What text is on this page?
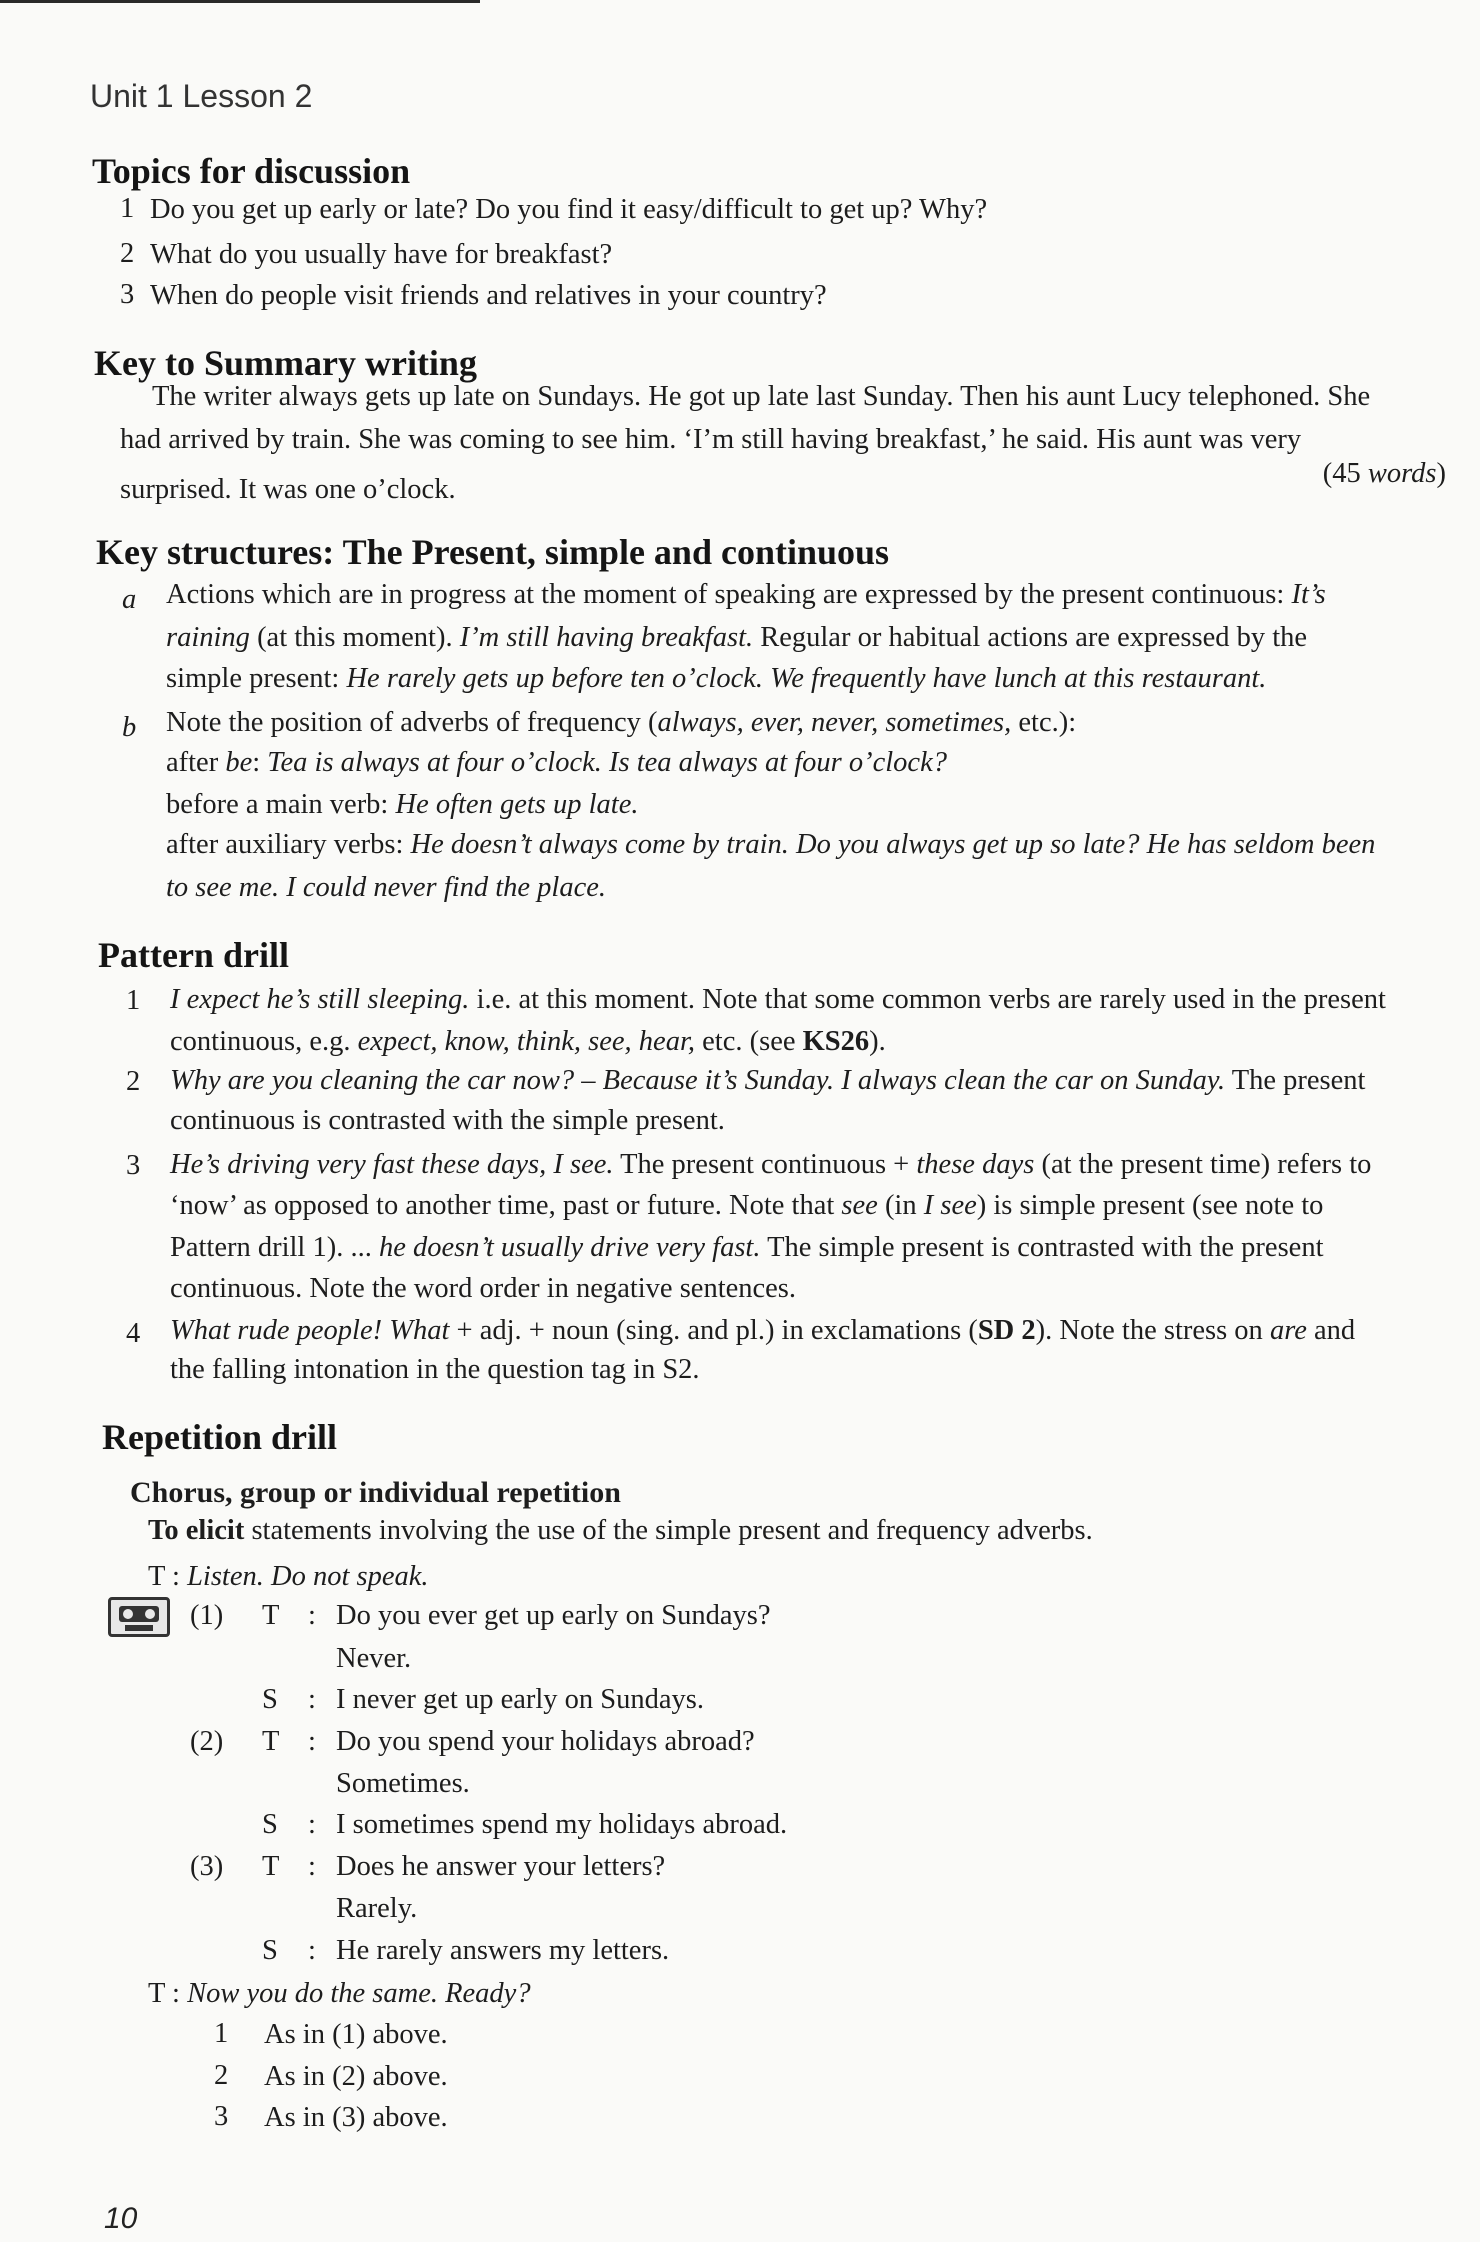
Unit 1 Lesson 2
Topics for discussion
1 Do you get up early or late? Do you find it easy/difficult to get up? Why?
2 What do you usually have for breakfast?
3 When do people visit friends and relatives in your country?
Key to Summary writing
The writer always gets up late on Sundays. He got up late last Sunday. Then his aunt Lucy telephoned. She
had arrived by train. She was coming to see him. ‘I’m still having breakfast,’ he said. His aunt was very
surprised. It was one o’clock.
(45 words)
Key structures: The Present, simple and continuous
a Actions which are in progress at the moment of speaking are expressed by the present continuous: It’s
raining (at this moment). I’m still having breakfast. Regular or habitual actions are expressed by the
simple present: He rarely gets up before ten o’clock. We frequently have lunch at this restaurant.
b Note the position of adverbs of frequency (always, ever, never, sometimes, etc.):
after be: Tea is always at four o’clock. Is tea always at four o’clock?
before a main verb: He often gets up late.
after auxiliary verbs: He doesn’t always come by train. Do you always get up so late? He has seldom been
to see me. I could never find the place.
Pattern drill
1 I expect he’s still sleeping. i.e. at this moment. Note that some common verbs are rarely used in the present
continuous, e.g. expect, know, think, see, hear, etc. (see KS26).
2 Why are you cleaning the car now? – Because it’s Sunday. I always clean the car on Sunday. The present
continuous is contrasted with the simple present.
3 He’s driving very fast these days, I see. The present continuous + these days (at the present time) refers to
‘now’ as opposed to another time, past or future. Note that see (in I see) is simple present (see note to
Pattern drill 1). ... he doesn’t usually drive very fast. The simple present is contrasted with the present
continuous. Note the word order in negative sentences.
4 What rude people! What + adj. + noun (sing. and pl.) in exclamations (SD 2). Note the stress on are and
the falling intonation in the question tag in S2.
Repetition drill
Chorus, group or individual repetition
To elicit statements involving the use of the simple present and frequency adverbs.
T : Listen. Do not speak.
(1) T : Do you ever get up early on Sundays?
Never.
S : I never get up early on Sundays.
(2) T : Do you spend your holidays abroad?
Sometimes.
S : I sometimes spend my holidays abroad.
(3) T : Does he answer your letters?
Rarely.
S : He rarely answers my letters.
T : Now you do the same. Ready?
1 As in (1) above.
2 As in (2) above.
3 As in (3) above.
10
